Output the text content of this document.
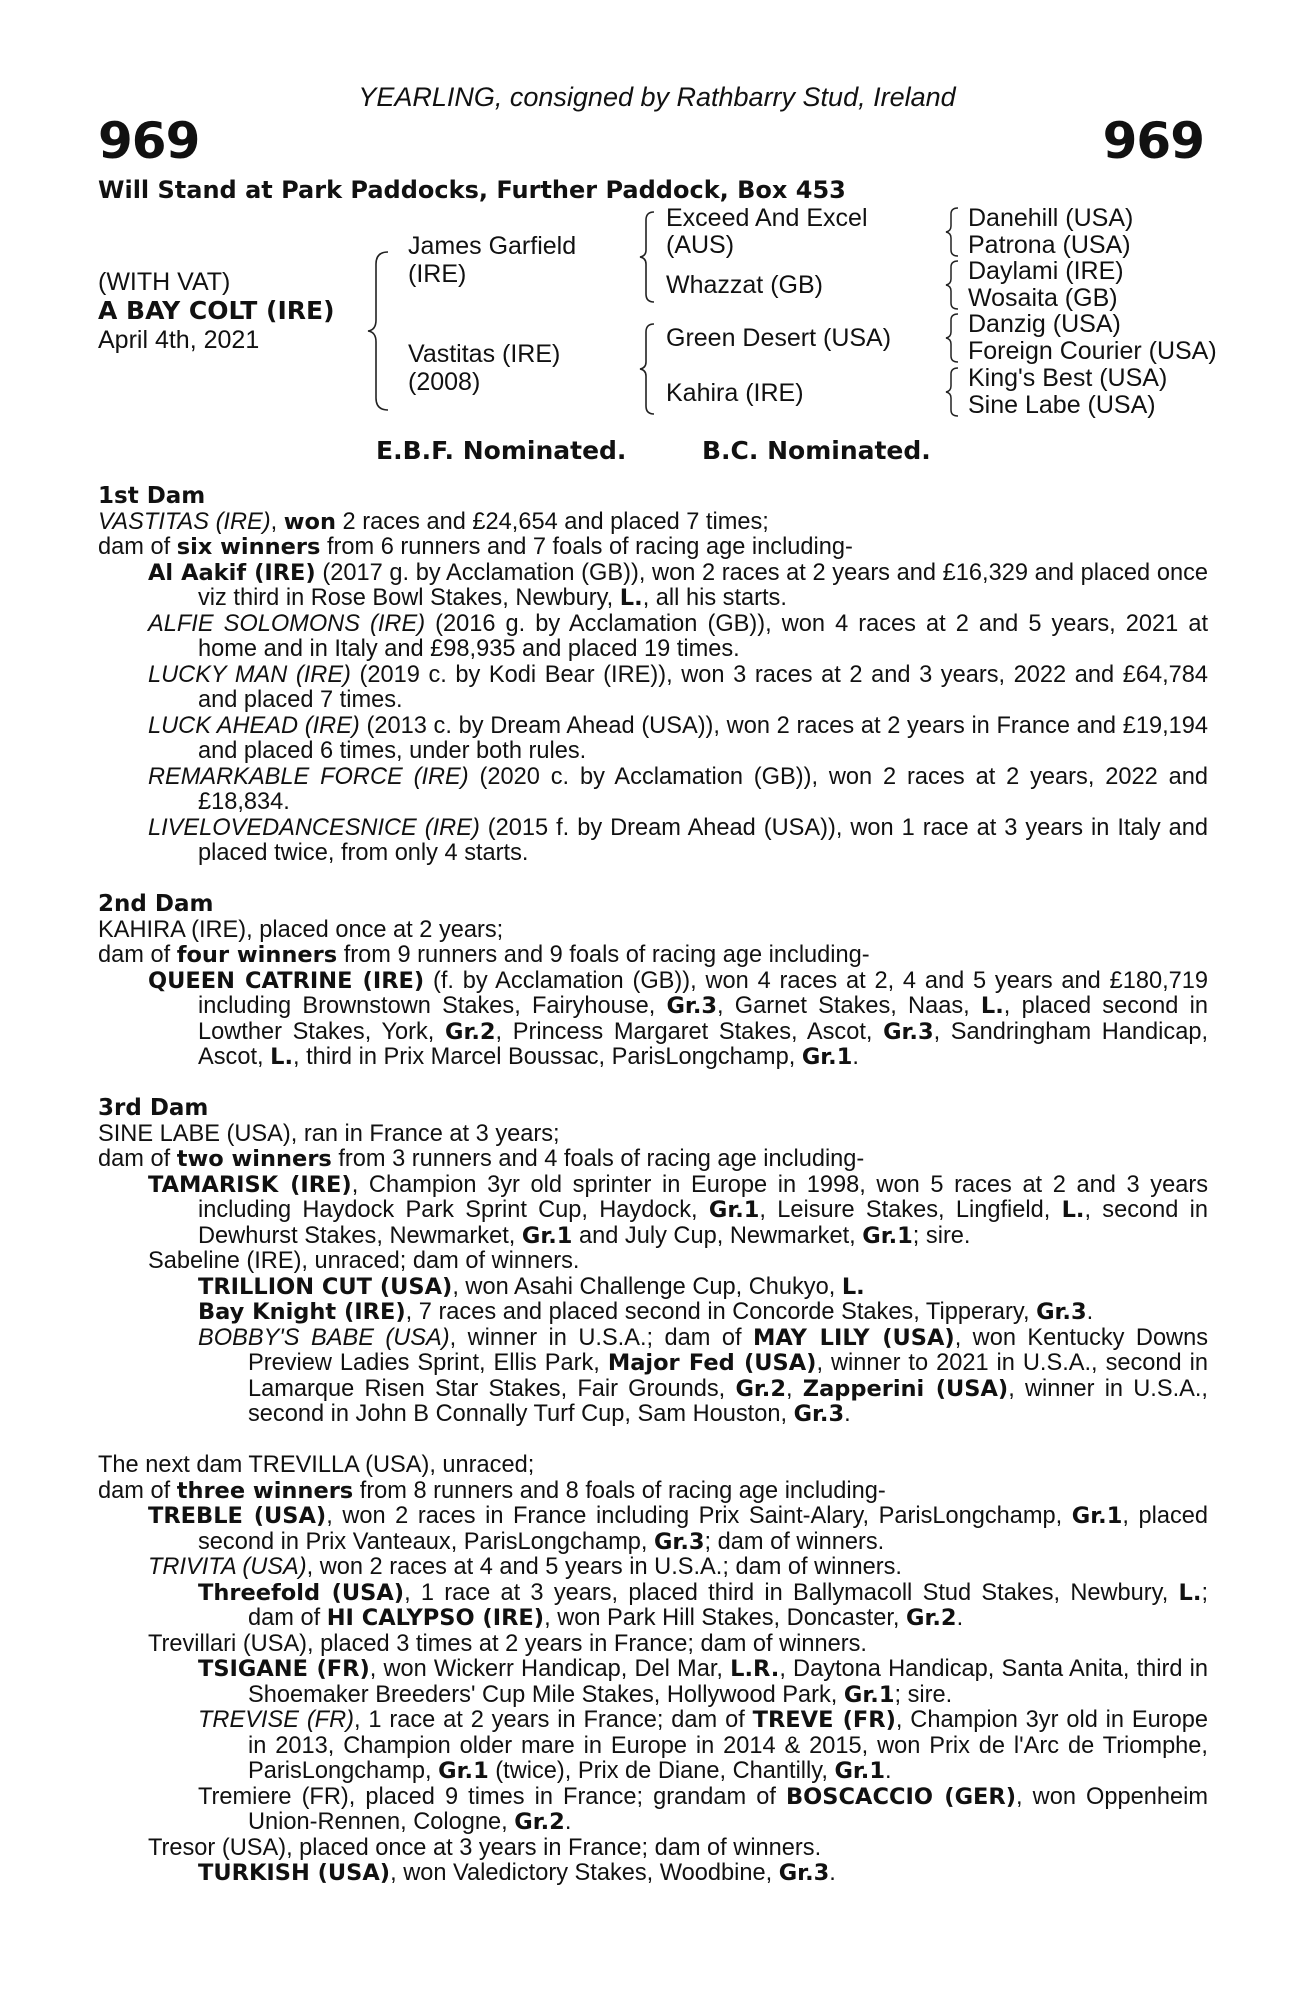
YEARLING, consigned by Rathbarry Stud, Ireland
969	969
Will Stand at Park Paddocks, Further Paddock, Box 453
(WITH VAT)
A BAY COLT (IRE)
April 4th, 2021
James Garfield
(IRE)
Vastitas (IRE)
(2008)
Exceed And Excel
(AUS)
Whazzat (GB)
Green Desert (USA)
Kahira (IRE)
Danehill (USA)
Patrona (USA)
Daylami (IRE)
Wosaita (GB)
Danzig (USA)
Foreign Courier (USA)
King's Best (USA)
Sine Labe (USA)
E.B.F. Nominated.	B.C. Nominated.

1st Dam

VASTITAS (IRE), won 2 races and £24,654 and placed 7 times;

dam of six winners from 6 runners and 7 foals of racing age including-

Al Aakif (IRE) (2017 g. by Acclamation (GB)), won 2 races at 2 years and £16,329 and placed once viz third in Rose Bowl Stakes, Newbury, L., all his starts.

ALFIE SOLOMONS (IRE) (2016 g. by Acclamation (GB)), won 4 races at 2 and 5 years, 2021 at home and in Italy and £98,935 and placed 19 times.

LUCKY MAN (IRE) (2019 c. by Kodi Bear (IRE)), won 3 races at 2 and 3 years, 2022 and £64,784 and placed 7 times.

LUCK AHEAD (IRE) (2013 c. by Dream Ahead (USA)), won 2 races at 2 years in France and £19,194 and placed 6 times, under both rules.

REMARKABLE FORCE (IRE) (2020 c. by Acclamation (GB)), won 2 races at 2 years, 2022 and £18,834.

LIVELOVEDANCESNICE (IRE) (2015 f. by Dream Ahead (USA)), won 1 race at 3 years in Italy and placed twice, from only 4 starts.

2nd Dam

KAHIRA (IRE), placed once at 2 years;

dam of four winners from 9 runners and 9 foals of racing age including-

QUEEN CATRINE (IRE) (f. by Acclamation (GB)), won 4 races at 2, 4 and 5 years and £180,719 including Brownstown Stakes, Fairyhouse, Gr.3, Garnet Stakes, Naas, L., placed second in Lowther Stakes, York, Gr.2, Princess Margaret Stakes, Ascot, Gr.3, Sandringham Handicap, Ascot, L., third in Prix Marcel Boussac, ParisLongchamp, Gr.1.

3rd Dam

SINE LABE (USA), ran in France at 3 years;

dam of two winners from 3 runners and 4 foals of racing age including-

TAMARISK (IRE), Champion 3yr old sprinter in Europe in 1998, won 5 races at 2 and 3 years including Haydock Park Sprint Cup, Haydock, Gr.1, Leisure Stakes, Lingfield, L., second in Dewhurst Stakes, Newmarket, Gr.1 and July Cup, Newmarket, Gr.1; sire.

Sabeline (IRE), unraced; dam of winners.

TRILLION CUT (USA), won Asahi Challenge Cup, Chukyo, L.

Bay Knight (IRE), 7 races and placed second in Concorde Stakes, Tipperary, Gr.3.

BOBBY'S BABE (USA), winner in U.S.A.; dam of MAY LILY (USA), won Kentucky Downs Preview Ladies Sprint, Ellis Park, Major Fed (USA), winner to 2021 in U.S.A., second in Lamarque Risen Star Stakes, Fair Grounds, Gr.2, Zapperini (USA), winner in U.S.A., second in John B Connally Turf Cup, Sam Houston, Gr.3.

The next dam TREVILLA (USA), unraced;

dam of three winners from 8 runners and 8 foals of racing age including-

TREBLE (USA), won 2 races in France including Prix Saint-Alary, ParisLongchamp, Gr.1, placed second in Prix Vanteaux, ParisLongchamp, Gr.3; dam of winners.

TRIVITA (USA), won 2 races at 4 and 5 years in U.S.A.; dam of winners.

Threefold (USA), 1 race at 3 years, placed third in Ballymacoll Stud Stakes, Newbury, L.; dam of HI CALYPSO (IRE), won Park Hill Stakes, Doncaster, Gr.2.

Trevillari (USA), placed 3 times at 2 years in France; dam of winners.

TSIGANE (FR), won Wickerr Handicap, Del Mar, L.R., Daytona Handicap, Santa Anita, third in Shoemaker Breeders' Cup Mile Stakes, Hollywood Park, Gr.1; sire.

TREVISE (FR), 1 race at 2 years in France; dam of TREVE (FR), Champion 3yr old in Europe in 2013, Champion older mare in Europe in 2014 & 2015, won Prix de l'Arc de Triomphe, ParisLongchamp, Gr.1 (twice), Prix de Diane, Chantilly, Gr.1.

Tremiere (FR), placed 9 times in France; grandam of BOSCACCIO (GER), won Oppenheim Union-Rennen, Cologne, Gr.2.

Tresor (USA), placed once at 3 years in France; dam of winners.

TURKISH (USA), won Valedictory Stakes, Woodbine, Gr.3.
